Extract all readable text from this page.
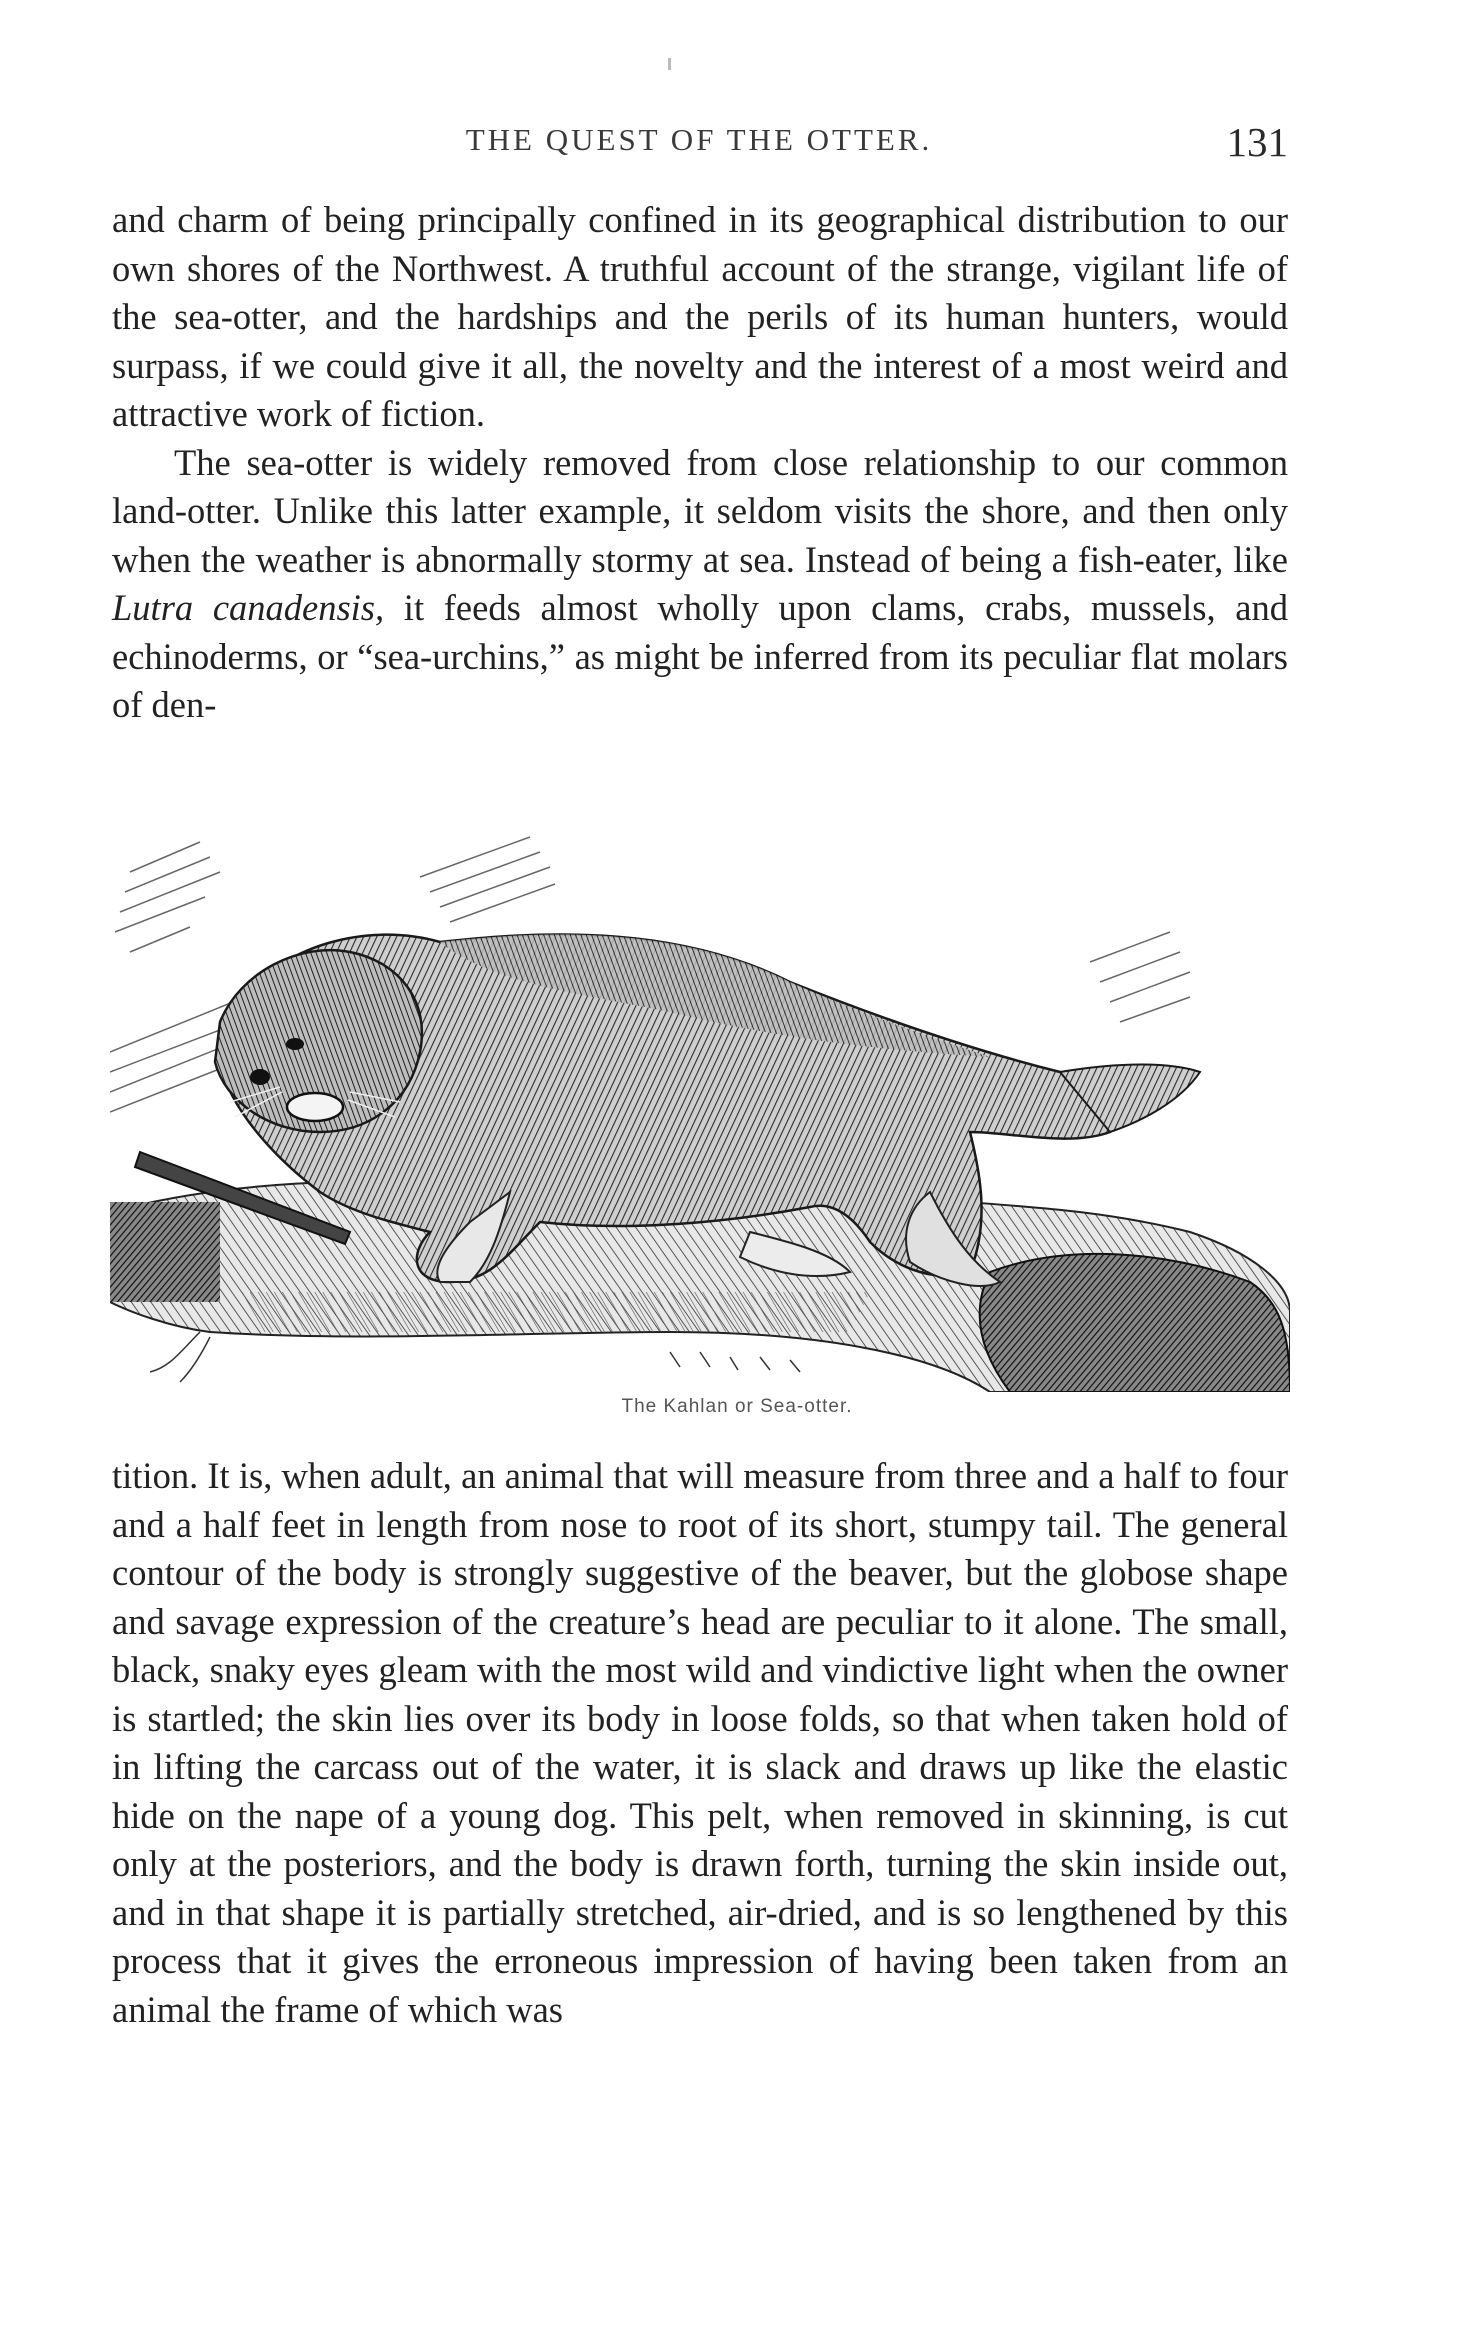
THE QUEST OF THE OTTER.	131

and charm of being principally confined in its geographical distribution to our own shores of the Northwest. A truthful account of the strange, vigilant life of the sea-otter, and the hardships and the perils of its human hunters, would surpass, if we could give it all, the novelty and the interest of a most weird and attractive work of fiction.

The sea-otter is widely removed from close relationship to our common land-otter. Unlike this latter example, it seldom visits the shore, and then only when the weather is abnormally stormy at sea. Instead of being a fish-eater, like Lutra canadensis, it feeds almost wholly upon clams, crabs, mussels, and echinoderms, or “sea-urchins,” as might be inferred from its peculiar flat molars of den-

The Kahlan or Sea-otter.

tition. It is, when adult, an animal that will measure from three and a half to four and a half feet in length from nose to root of its short, stumpy tail. The general contour of the body is strongly suggestive of the beaver, but the globose shape and savage expression of the creature’s head are peculiar to it alone. The small, black, snaky eyes gleam with the most wild and vindictive light when the owner is startled; the skin lies over its body in loose folds, so that when taken hold of in lifting the carcass out of the water, it is slack and draws up like the elastic hide on the nape of a young dog. This pelt, when removed in skinning, is cut only at the posteriors, and the body is drawn forth, turning the skin inside out, and in that shape it is partially stretched, air-dried, and is so lengthened by this process that it gives the erroneous impression of having been taken from an animal the frame of which was
